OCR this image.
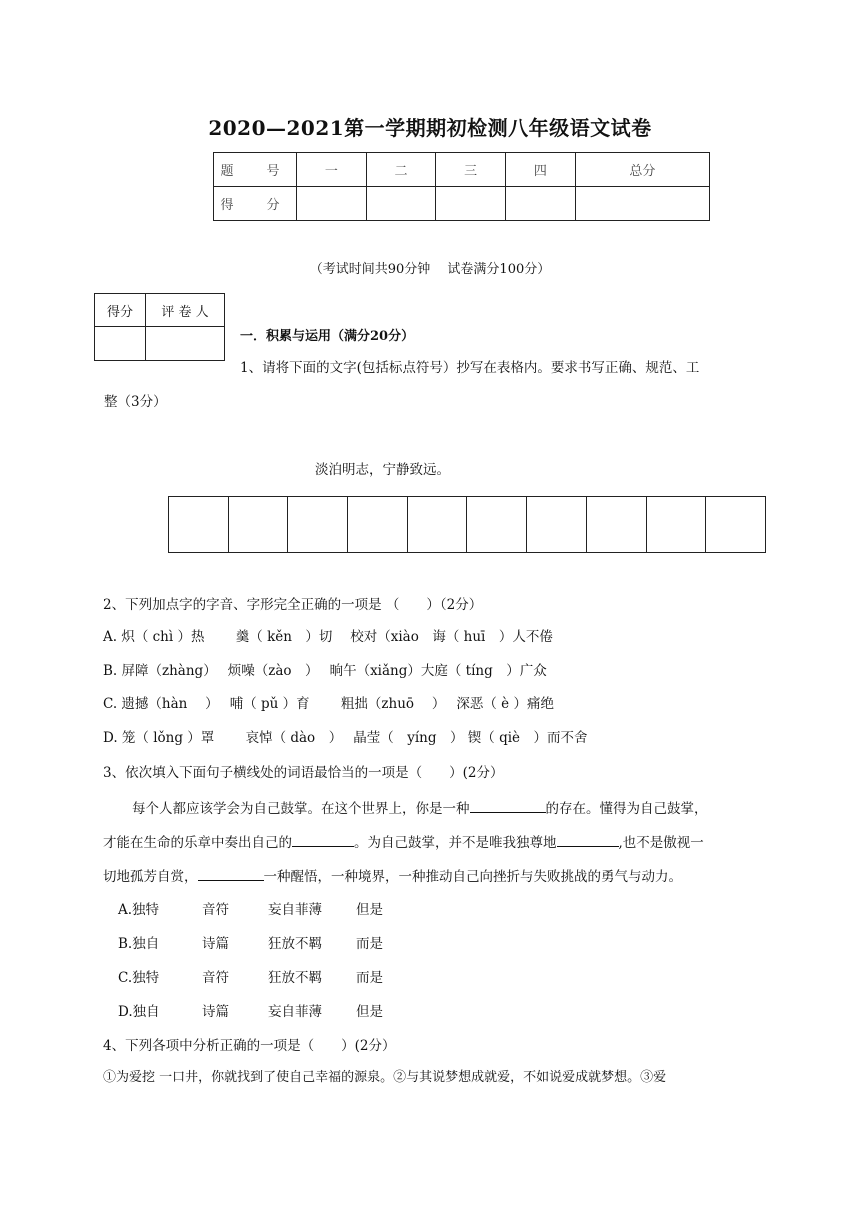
2020—2021第一学期期初检测八年级语文试卷
题　号	一	二	三	四	总分
得　分					
（考试时间共90分钟　 试卷满分100分）
得分	评 卷 人

一．积累与运用（满分20分）
1、请将下面的文字(包括标点符号）抄写在表格内。要求书写正确、规范、工
整（3分）
淡泊明志，宁静致远。

2、下列加点字的字音、字形完全正确的一项是 （　　）（2分）
A. 炽（ chì ）热　　 羹（ kěn　）切　 校对（xiào　诲（ huī　）人不倦
B. 屏障（zhàng）　 烦噪（zào　）　 晌午（xiǎng）大庭（ tíng　）广众
C. 遗撼（hàn　 ）　 哺（ pǔ ）育　　 粗拙（zhuō　 ）　 深恶（ è ）痛绝
D. 笼（ lǒng ）罩　　 哀悼（ dào　）　 晶莹（　yíng　） 锲（ qiè　）而不舍
3、依次填入下面句子横线处的词语最恰当的一项是（　　）(2分）
每个人都应该学会为自己鼓掌。在这个世界上，你是一种	的存在。懂得为自己鼓掌，
才能在生命的乐章中奏出自己的	。为自己鼓掌，并不是唯我独尊地	,也不是傲视一
切地孤芳自赏，	一种醒悟，一种境界，一种推动自己向挫折与失败挑战的勇气与动力。
A.独特	音符	妄自菲薄	但是
B.独自	诗篇	狂放不羁	而是
C.独特	音符	狂放不羁	而是
D.独自	诗篇	妄自菲薄	但是
4、下列各项中分析正确的一项是（　　）(2分）
①为爱挖 一口井，你就找到了使自己幸福的源泉。②与其说梦想成就爱，不如说爱成就梦想。③爱
